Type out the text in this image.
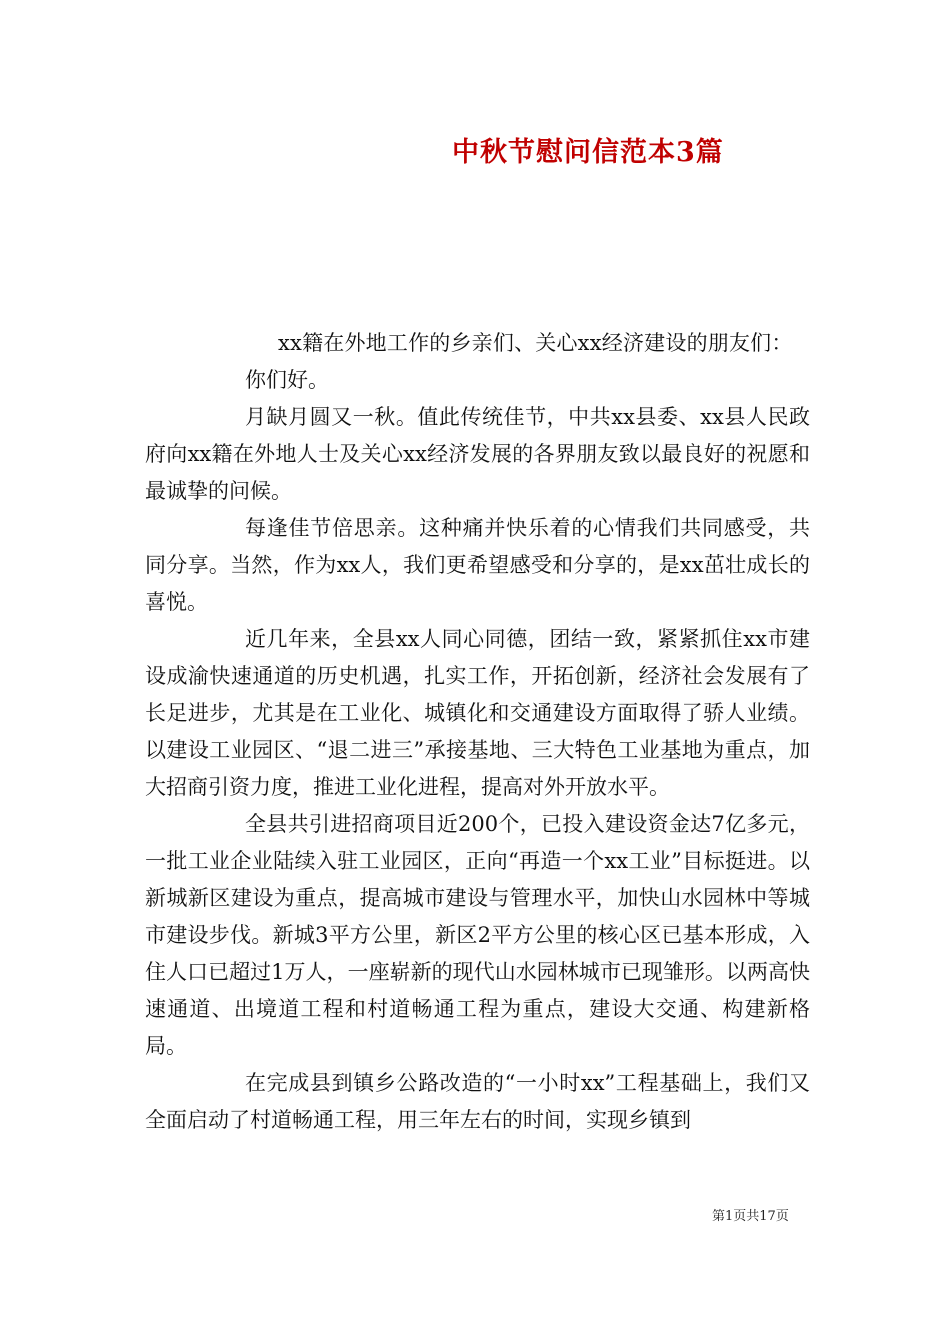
中秋节慰问信范本3篇
xx籍在外地工作的乡亲们、关心xx经济建设的朋友们：
你们好。

月缺月圆又一秋。值此传统佳节，中共xx县委、xx县人民政府向xx籍在外地人士及关心xx经济发展的各界朋友致以最良好的祝愿和最诚挚的问候。

每逢佳节倍思亲。这种痛并快乐着的心情我们共同感受，共同分享。当然，作为xx人，我们更希望感受和分享的，是xx茁壮成长的喜悦。

近几年来，全县xx人同心同德，团结一致，紧紧抓住xx市建设成渝快速通道的历史机遇，扎实工作，开拓创新，经济社会发展有了长足进步，尤其是在工业化、城镇化和交通建设方面取得了骄人业绩。以建设工业园区、“退二进三”承接基地、三大特色工业基地为重点，加大招商引资力度，推进工业化进程，提高对外开放水平。

全县共引进招商项目近200个，已投入建设资金达7亿多元，一批工业企业陆续入驻工业园区，正向“再造一个xx工业”目标挺进。以新城新区建设为重点，提高城市建设与管理水平，加快山水园林中等城市建设步伐。新城3平方公里，新区2平方公里的核心区已基本形成，入住人口已超过1万人，一座崭新的现代山水园林城市已现雏形。以两高快速通道、出境道工程和村道畅通工程为重点，建设大交通、构建新格局。

在完成县到镇乡公路改造的“一小时xx”工程基础上，我们又全面启动了村道畅通工程，用三年左右的时间，实现乡镇到

第1页共17页
